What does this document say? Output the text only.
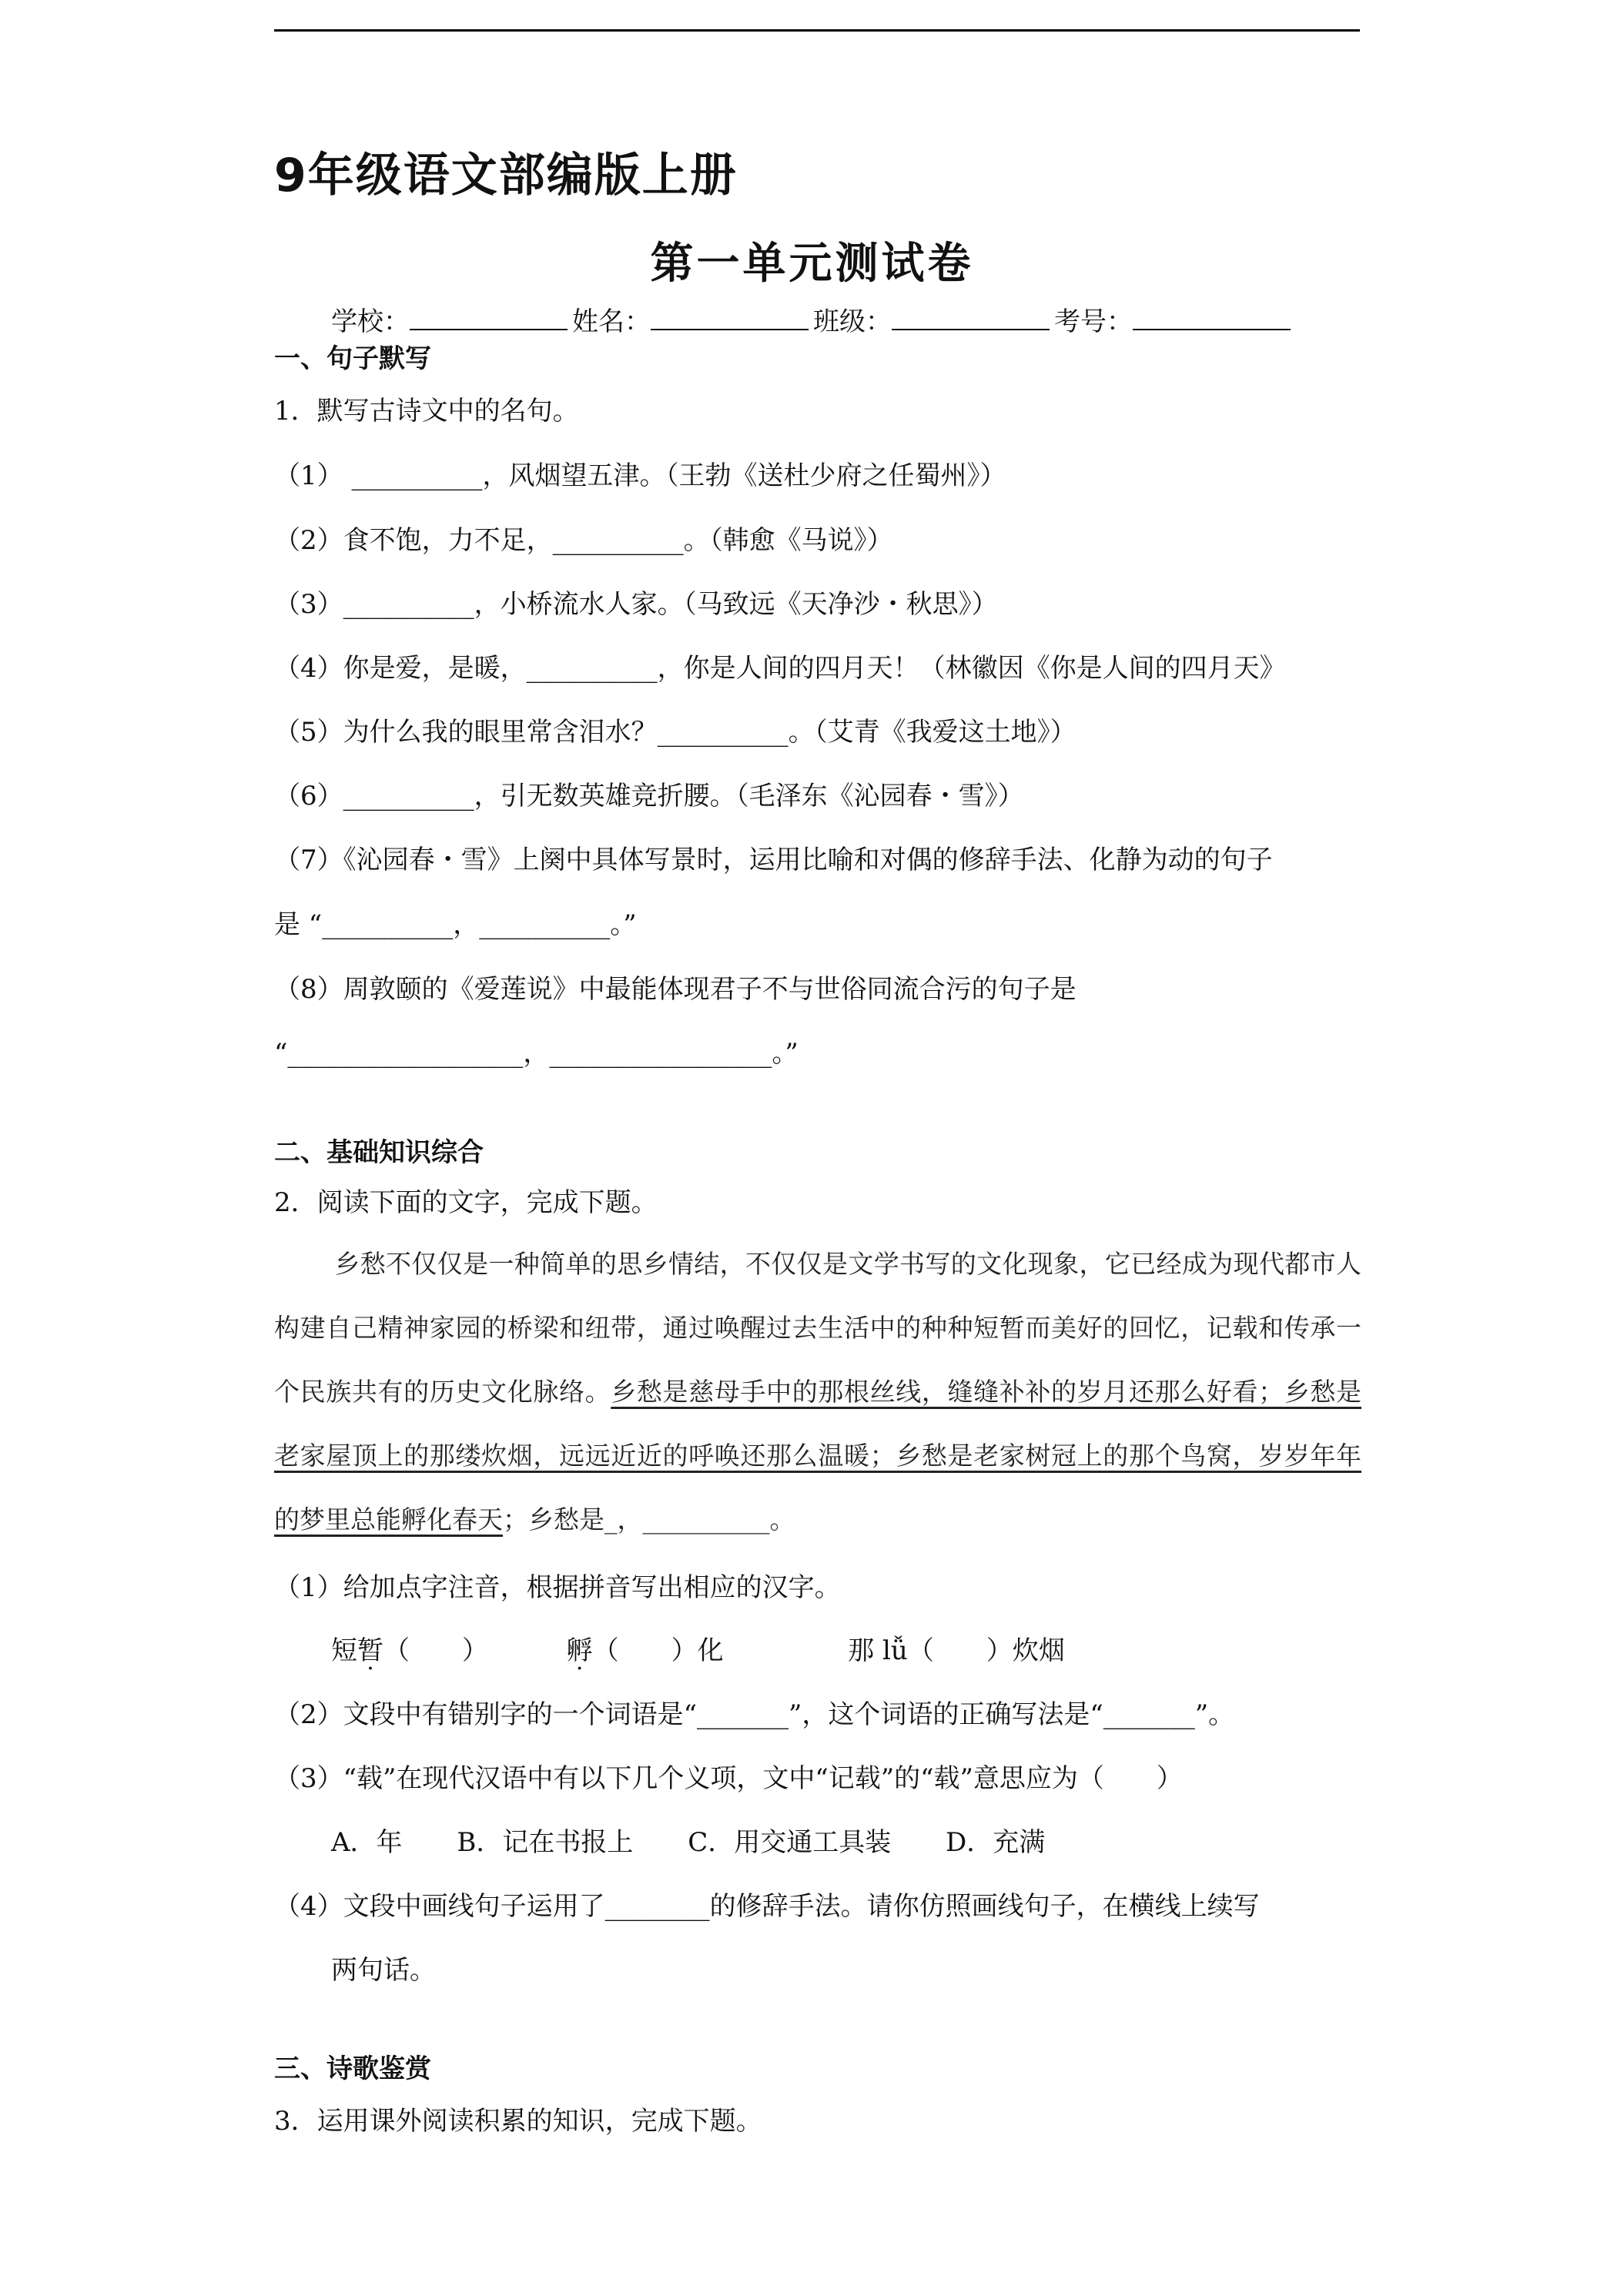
9年级语文部编版上册
第一单元测试卷
学校：	姓名：	班级：	考号：
一、句子默写
1．默写古诗文中的名句。
（1） __________，风烟望五津。（王勃《送杜少府之任蜀州》）
（2）食不饱，力不足，__________。（韩愈《马说》）
（3）__________，小桥流水人家。（马致远《天净沙・秋思》）
（4）你是爱，是暖，__________，你是人间的四月天！（林徽因《你是人间的四月天》
（5）为什么我的眼里常含泪水？__________。（艾青《我爱这土地》）
（6）__________，引无数英雄竞折腰。（毛泽东《沁园春・雪》）
（7）《沁园春・雪》上阕中具体写景时，运用比喻和对偶的修辞手法、化静为动的句子
是 “__________，__________。”
（8）周敦颐的《爱莲说》中最能体现君子不与世俗同流合污的句子是
“__________________，_________________。”
二、基础知识综合
2．阅读下面的文字，完成下题。
乡愁不仅仅是一种简单的思乡情结，不仅仅是文学书写的文化现象，它已经成为现代都市人构建自己精神家园的桥梁和纽带，通过唤醒过去生活中的种种短暂而美好的回忆，记载和传承一个民族共有的历史文化脉络。乡愁是慈母手中的那根丝线，缝缝补补的岁月还那么好看；乡愁是老家屋顶上的那缕炊烟，远远近近的呼唤还那么温暖；乡愁是老家树冠上的那个鸟窝，岁岁年年的梦里总能孵化春天；乡愁是_，__________。
（1）给加点字注音，根据拼音写出相应的汉字。
短暂（　　）	孵（　　）化	那 lǚ（　　）炊烟
（2）文段中有错别字的一个词语是“_______”，这个词语的正确写法是“_______”。
（3）“载”在现代汉语中有以下几个义项，文中“记载”的“载”意思应为（　　）
A．年 B．记在书报上 C．用交通工具装 D．充满
（4）文段中画线句子运用了________的修辞手法。请你仿照画线句子，在横线上续写
两句话。
三、诗歌鉴赏
3．运用课外阅读积累的知识，完成下题。
